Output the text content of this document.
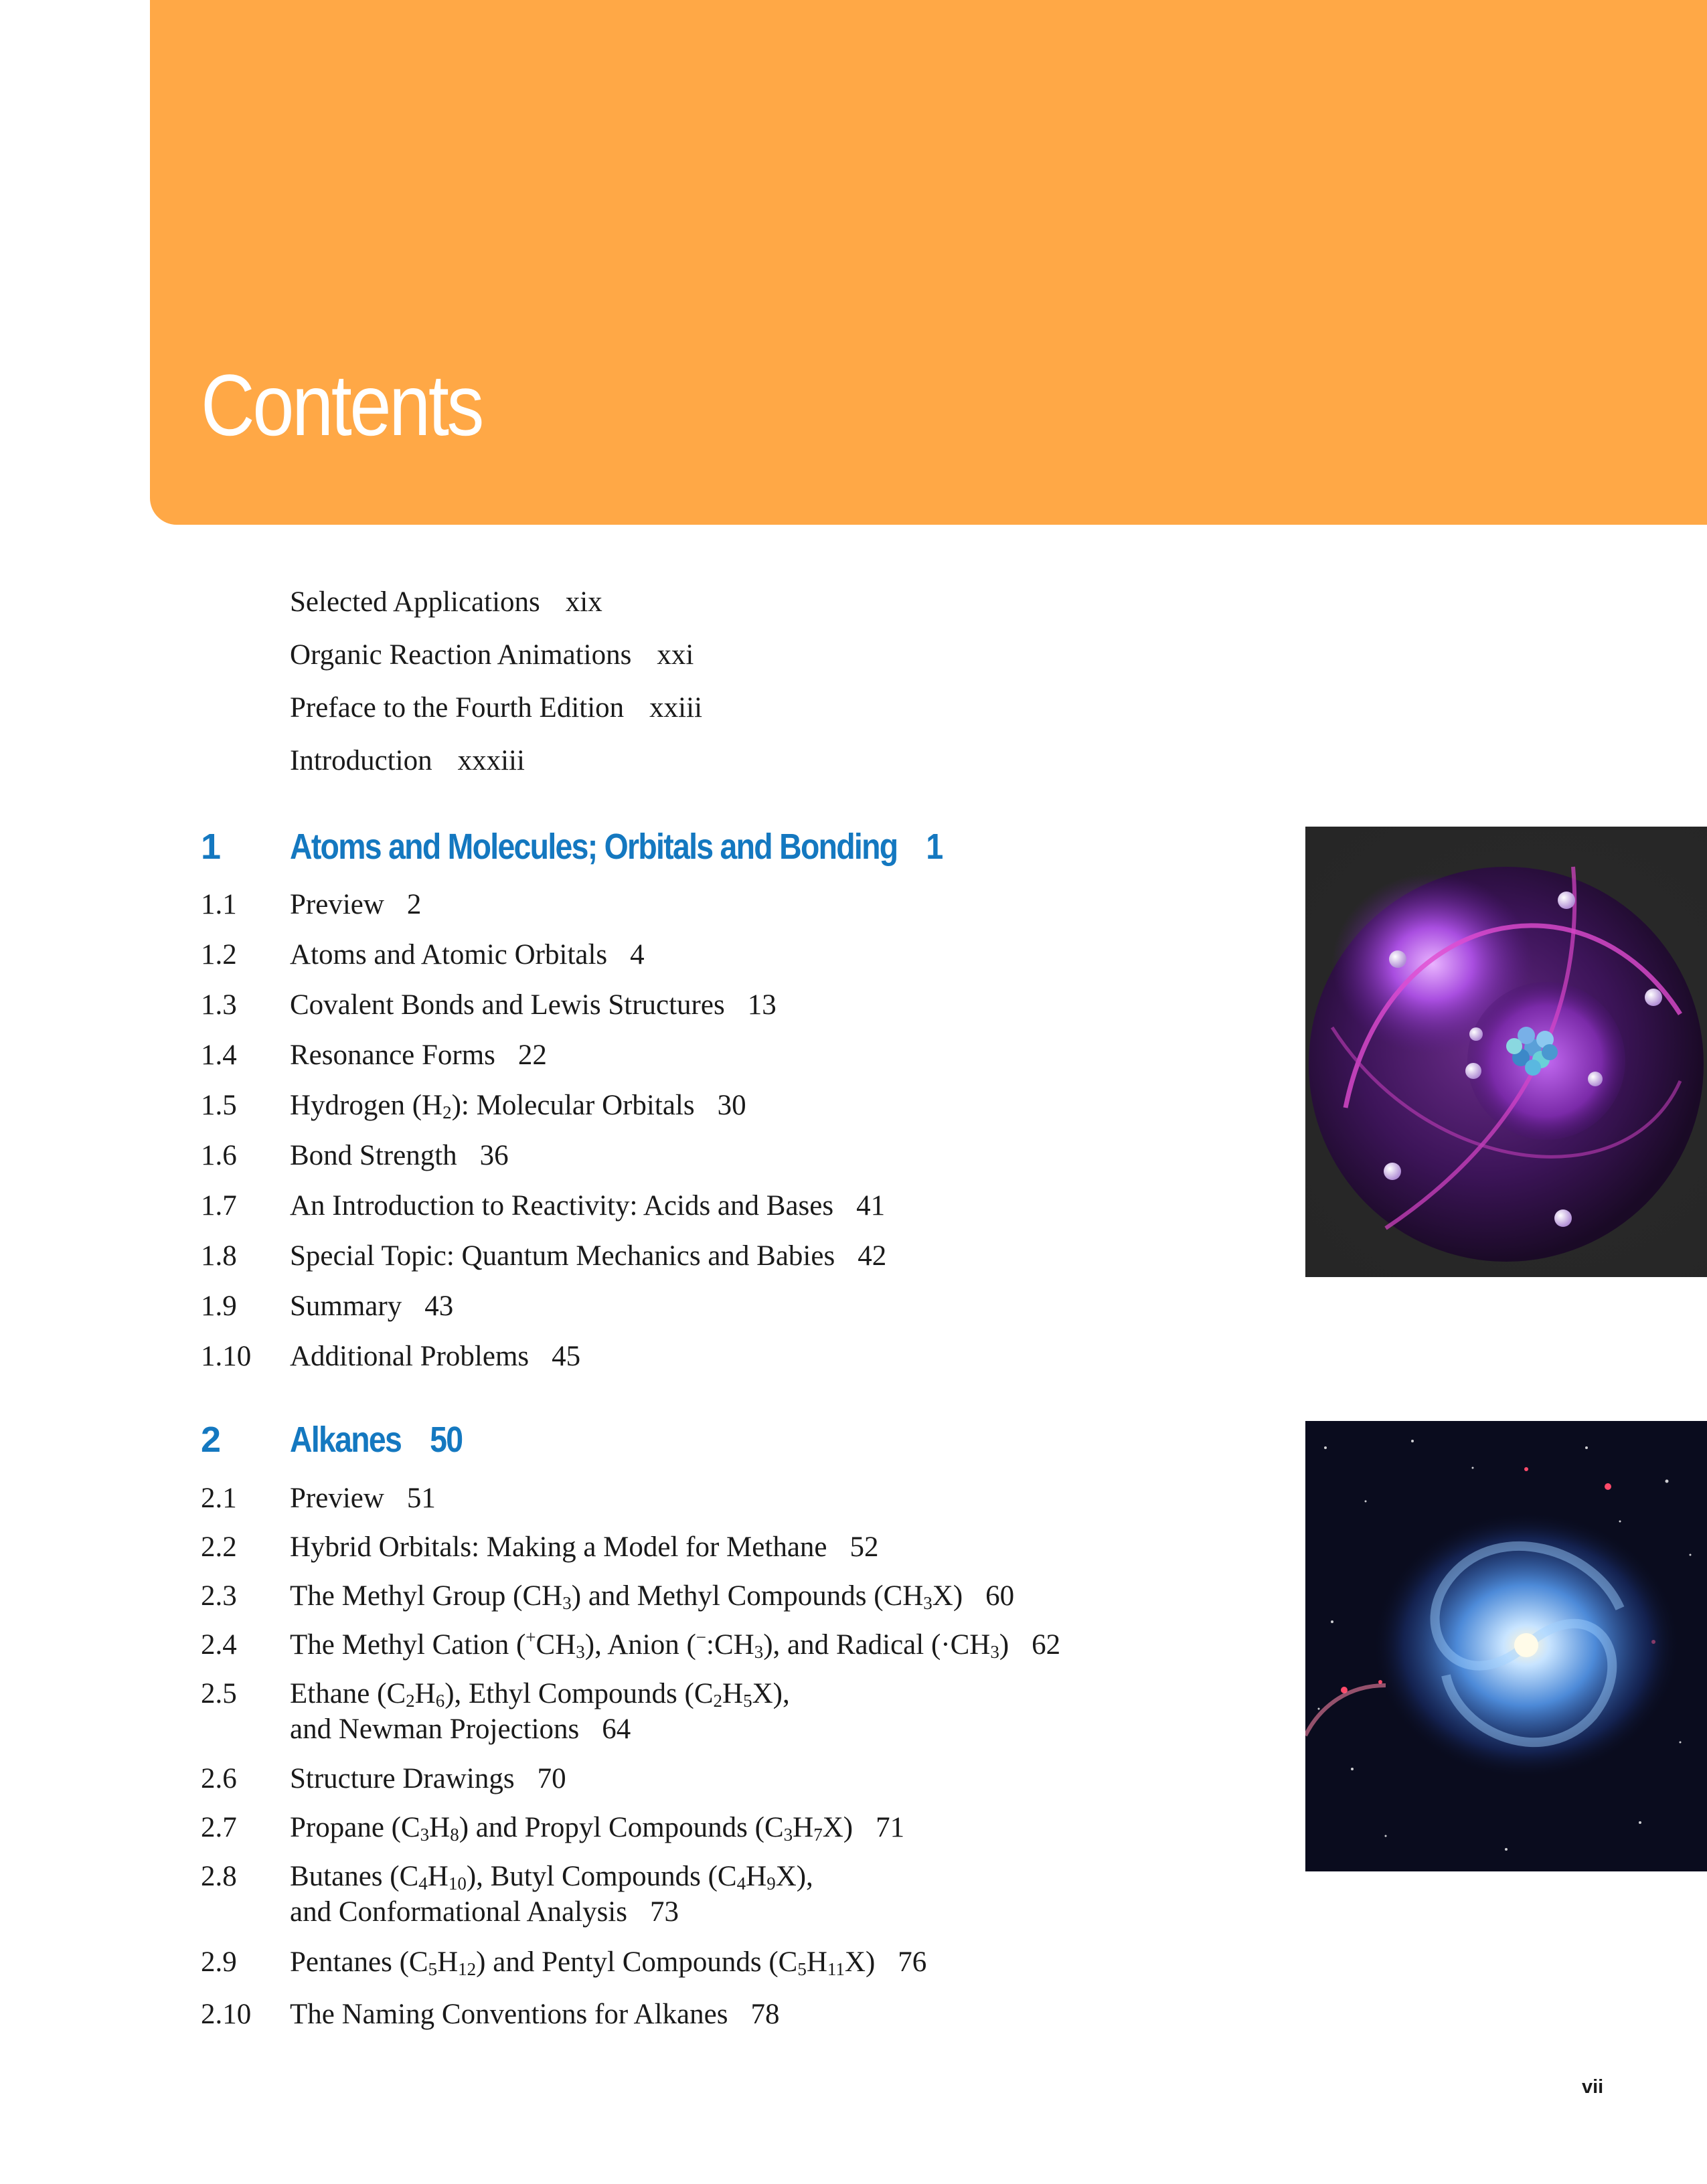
Contents
Selected Applications xix
Organic Reaction Animations xxi
Preface to the Fourth Edition xxiii
Introduction xxxiii
1 Atoms and Molecules; Orbitals and Bonding 1
1.1 Preview 2
1.2 Atoms and Atomic Orbitals 4
1.3 Covalent Bonds and Lewis Structures 13
1.4 Resonance Forms 22
1.5 Hydrogen $(H_2)$: Molecular Orbitals 30
1.6 Bond Strength 36
1.7 An Introduction to Reactivity: Acids and Bases 41
1.8 Special Topic: Quantum Mechanics and Babies 42
1.9 Summary 43
1.10 Additional Problems 45
2 Alkanes 50
2.1 Preview 51
2.2 Hybrid Orbitals: Making a Model for Methane 52
2.3 The Methyl Group $(CH_3)$ and Methyl Compounds $(CH_3X)$ 60
2.4 The Methyl Cation $(^+CH_3)$, Anion $(^-:CH_3)$, and Radical $(\cdot CH_3)$ 62
2.5 Ethane $(C_2H_6)$, Ethyl Compounds $(C_2H_5X)$,
and Newman Projections 64
2.6 Structure Drawings 70
2.7 Propane $(C_3H_8)$ and Propyl Compounds $(C_3H_7X)$ 71
2.8 Butanes $(C_4H_{10})$, Butyl Compounds $(C_4H_9X)$,
and Conformational Analysis 73
2.9 Pentanes $(C_5H_{12})$ and Pentyl Compounds $(C_5H_{11}X)$ 76
2.10 The Naming Conventions for Alkanes 78
vii
